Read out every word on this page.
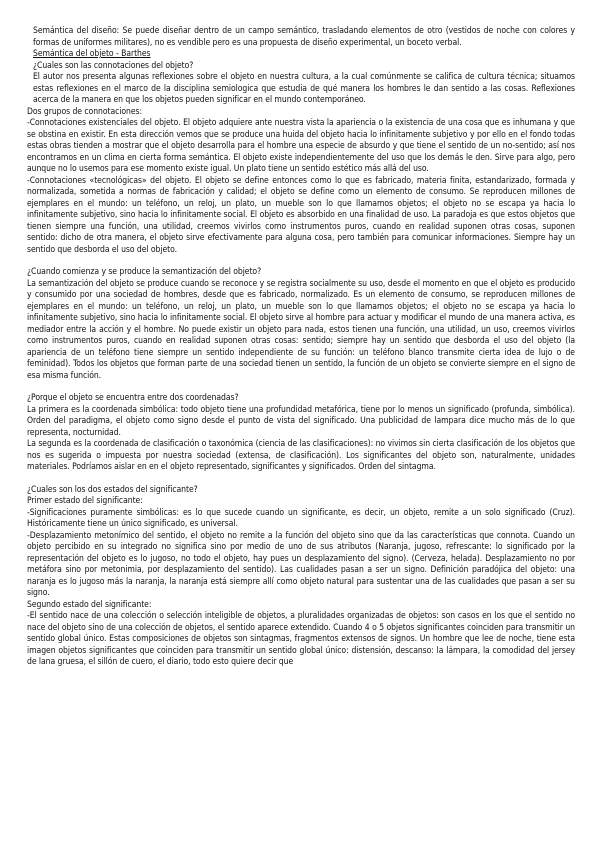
Semántica del diseño: Se puede diseñar dentro de un campo semántico, trasladando elementos de otro (vestidos de noche con colores y formas de uniformes militares), no es vendible pero es una propuesta de diseño experimental, un boceto verbal.

Semántica del objeto - Barthes

¿Cuales son las connotaciones del objeto?

El autor nos presenta algunas reflexiones sobre el objeto en nuestra cultura, a la cual comúnmente se califica de cultura técnica; situamos estas reflexiones en el marco de la disciplina semiologica que estudia de qué manera los hombres le dan sentido a las cosas. Reflexiones acerca de la manera en que los objetos pueden significar en el mundo contemporáneo.

Dos grupos de connotaciones:

-Connotaciones existenciales del objeto. El objeto adquiere ante nuestra vista la apariencia o la existencia de una cosa que es inhumana y que se obstina en existir. En esta dirección vemos que se produce una huida del objeto hacia lo infinitamente subjetivo y por ello en el fondo todas estas obras tienden a mostrar que el objeto desarrolla para el hombre una especie de absurdo y que tiene el sentido de un no-sentido; así nos encontramos en un clima en cierta forma semántica. El objeto existe independientemente del uso que los demás le den. Sirve para algo, pero aunque no lo usemos para ese momento existe igual. Un plato tiene un sentido estético más allá del uso.

-Connotaciones «tecnológicas» del objeto. El objeto se define entonces como lo que es fabricado, materia finita, estandarizado, formada y normalizada, sometida a normas de fabricación y calidad; el objeto se define como un elemento de consumo. Se reproducen millones de ejemplares en el mundo: un teléfono, un reloj, un plato, un mueble son lo que llamamos objetos; el objeto no se escapa ya hacia lo infinitamente subjetivo, sino hacia lo infinitamente social. El objeto es absorbido en una finalidad de uso. La paradoja es que estos objetos que tienen siempre una función, una utilidad, creemos vivirlos como instrumentos puros, cuando en realidad suponen otras cosas, suponen sentido: dicho de otra manera, el objeto sirve efectivamente para alguna cosa, pero también para comunicar informaciones. Siempre hay un sentido que desborda el uso del objeto.

¿Cuando comienza y se produce la semantización del objeto?

La semantización del objeto se produce cuando se reconoce y se registra socialmente su uso, desde el momento en que el objeto es producido y consumido por una sociedad de hombres, desde que es fabricado, normalizado. Es un elemento de consumo, se reproducen millones de ejemplares en el mundo: un teléfono, un reloj, un plato, un mueble son lo que llamamos objetos; el objeto no se escapa ya hacia lo infinitamente subjetivo, sino hacia lo infinitamente social. El objeto sirve al hombre para actuar y modificar el mundo de una manera activa, es mediador entre la acción y el hombre. No puede existir un objeto para nada, estos tienen una función, una utilidad, un uso, creemos vivirlos como instrumentos puros, cuando en realidad suponen otras cosas: sentido; siempre hay un sentido que desborda el uso del objeto (la apariencia de un teléfono tiene siempre un sentido independiente de su función: un teléfono blanco transmite cierta idea de lujo o de feminidad). Todos los objetos que forman parte de una sociedad tienen un sentido, la función de un objeto se convierte siempre en el signo de esa misma función.

¿Porque el objeto se encuentra entre dos coordenadas?

La primera es la coordenada simbólica: todo objeto tiene una profundidad metafórica, tiene por lo menos un significado (profunda, simbólica). Orden del paradigma, el objeto como signo desde el punto de vista del significado. Una publicidad de lampara dice mucho más de lo que representa, nocturnidad.

La segunda es la coordenada de clasificación o taxonómica (ciencia de las clasificaciones): no vivimos sin cierta clasificación de los objetos que nos es sugerida o impuesta por nuestra sociedad (extensa, de clasificación). Los significantes del objeto son, naturalmente, unidades materiales. Podríamos aislar en en el objeto representado, significantes y significados. Orden del sintagma.

¿Cuales son los dos estados del significante?

Primer estado del significante:

-Significaciones puramente simbólicas: es lo que sucede cuando un significante, es decir, un objeto, remite a un solo significado (Cruz). Históricamente tiene un único significado, es universal.

-Desplazamiento metonímico del sentido, el objeto no remite a la función del objeto sino que da las características que connota. Cuando un objeto percibido en su integrado no significa sino por medio de uno de sus atributos (Naranja, jugoso, refrescante: lo significado por la representación del objeto es lo jugoso, no todo el objeto, hay pues un desplazamiento del signo). (Cerveza, helada). Desplazamiento no por metáfora sino por metonimia, por desplazamiento del sentido). Las cualidades pasan a ser un signo. Definición paradójica del objeto: una naranja es lo jugoso más la naranja, la naranja está siempre allí como objeto natural para sustentar una de las cualidades que pasan a ser su signo.

Segundo estado del significante:

-El sentido nace de una colección o selección inteligible de objetos, a pluralidades organizadas de objetos: son casos en los que el sentido no nace del objeto sino de una colección de objetos, el sentido aparece extendido. Cuando 4 o 5 objetos significantes coinciden para transmitir un sentido global único. Estas composiciones de objetos son sintagmas, fragmentos extensos de signos. Un hombre que lee de noche, tiene esta imagen objetos significantes que coinciden para transmitir un sentido global único: distensión, descanso: la lámpara, la comodidad del jersey de lana gruesa, el sillón de cuero, el diario, todo esto quiere decir que
